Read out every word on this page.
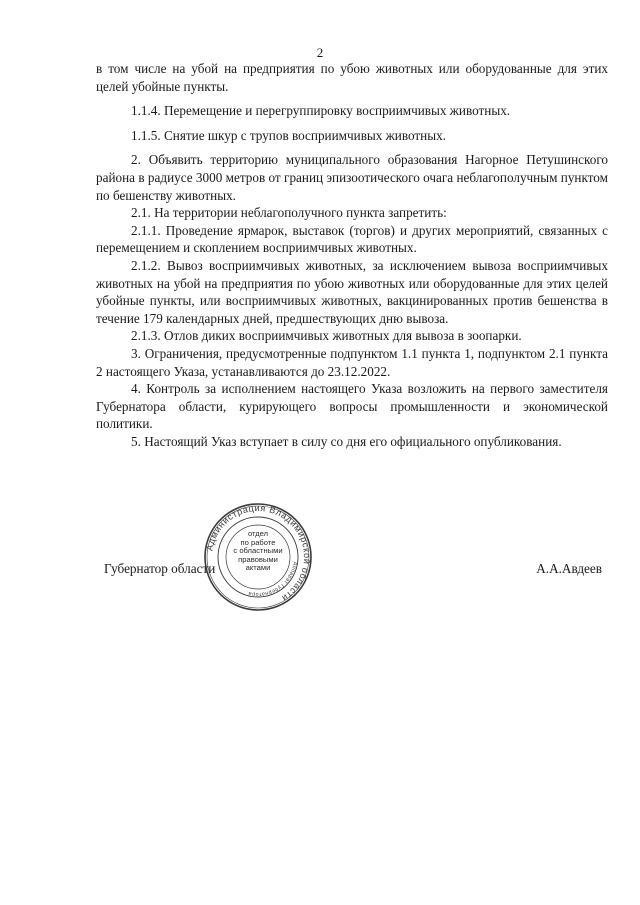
2

в том числе на убой на предприятия по убою животных или оборудованные для этих целей убойные пункты.

1.1.4. Перемещение и перегруппировку восприимчивых животных.

1.1.5. Снятие шкур с трупов восприимчивых животных.

2. Объявить территорию муниципального образования Нагорное Петушинского района в радиусе 3000 метров от границ эпизоотического очага неблагополучным пунктом по бешенству животных.

2.1. На территории неблагополучного пункта запретить:

2.1.1. Проведение ярмарок, выставок (торгов) и других мероприятий, связанных с перемещением и скоплением восприимчивых животных.

2.1.2. Вывоз восприимчивых животных, за исключением вывоза восприимчивых животных на убой на предприятия по убою животных или оборудованные для этих целей убойные пункты, или восприимчивых животных, вакцинированных против бешенства в течение 179 календарных дней, предшествующих дню вывоза.

2.1.3. Отлов диких восприимчивых животных для вывоза в зоопарки.

3. Ограничения, предусмотренные подпунктом 1.1 пункта 1, подпунктом 2.1 пункта 2 настоящего Указа, устанавливаются до 23.12.2022.

4. Контроль за исполнением настоящего Указа возложить на первого заместителя Губернатора области, курирующего вопросы промышленности и экономической политики.

5. Настоящий Указ вступает в силу со дня его официального опубликования.

Губернатор области	А.А.Авдеев
Администрация Владимирской области
Аппарат Губернатора
отдел
по работе
с областными
правовыми
актами
